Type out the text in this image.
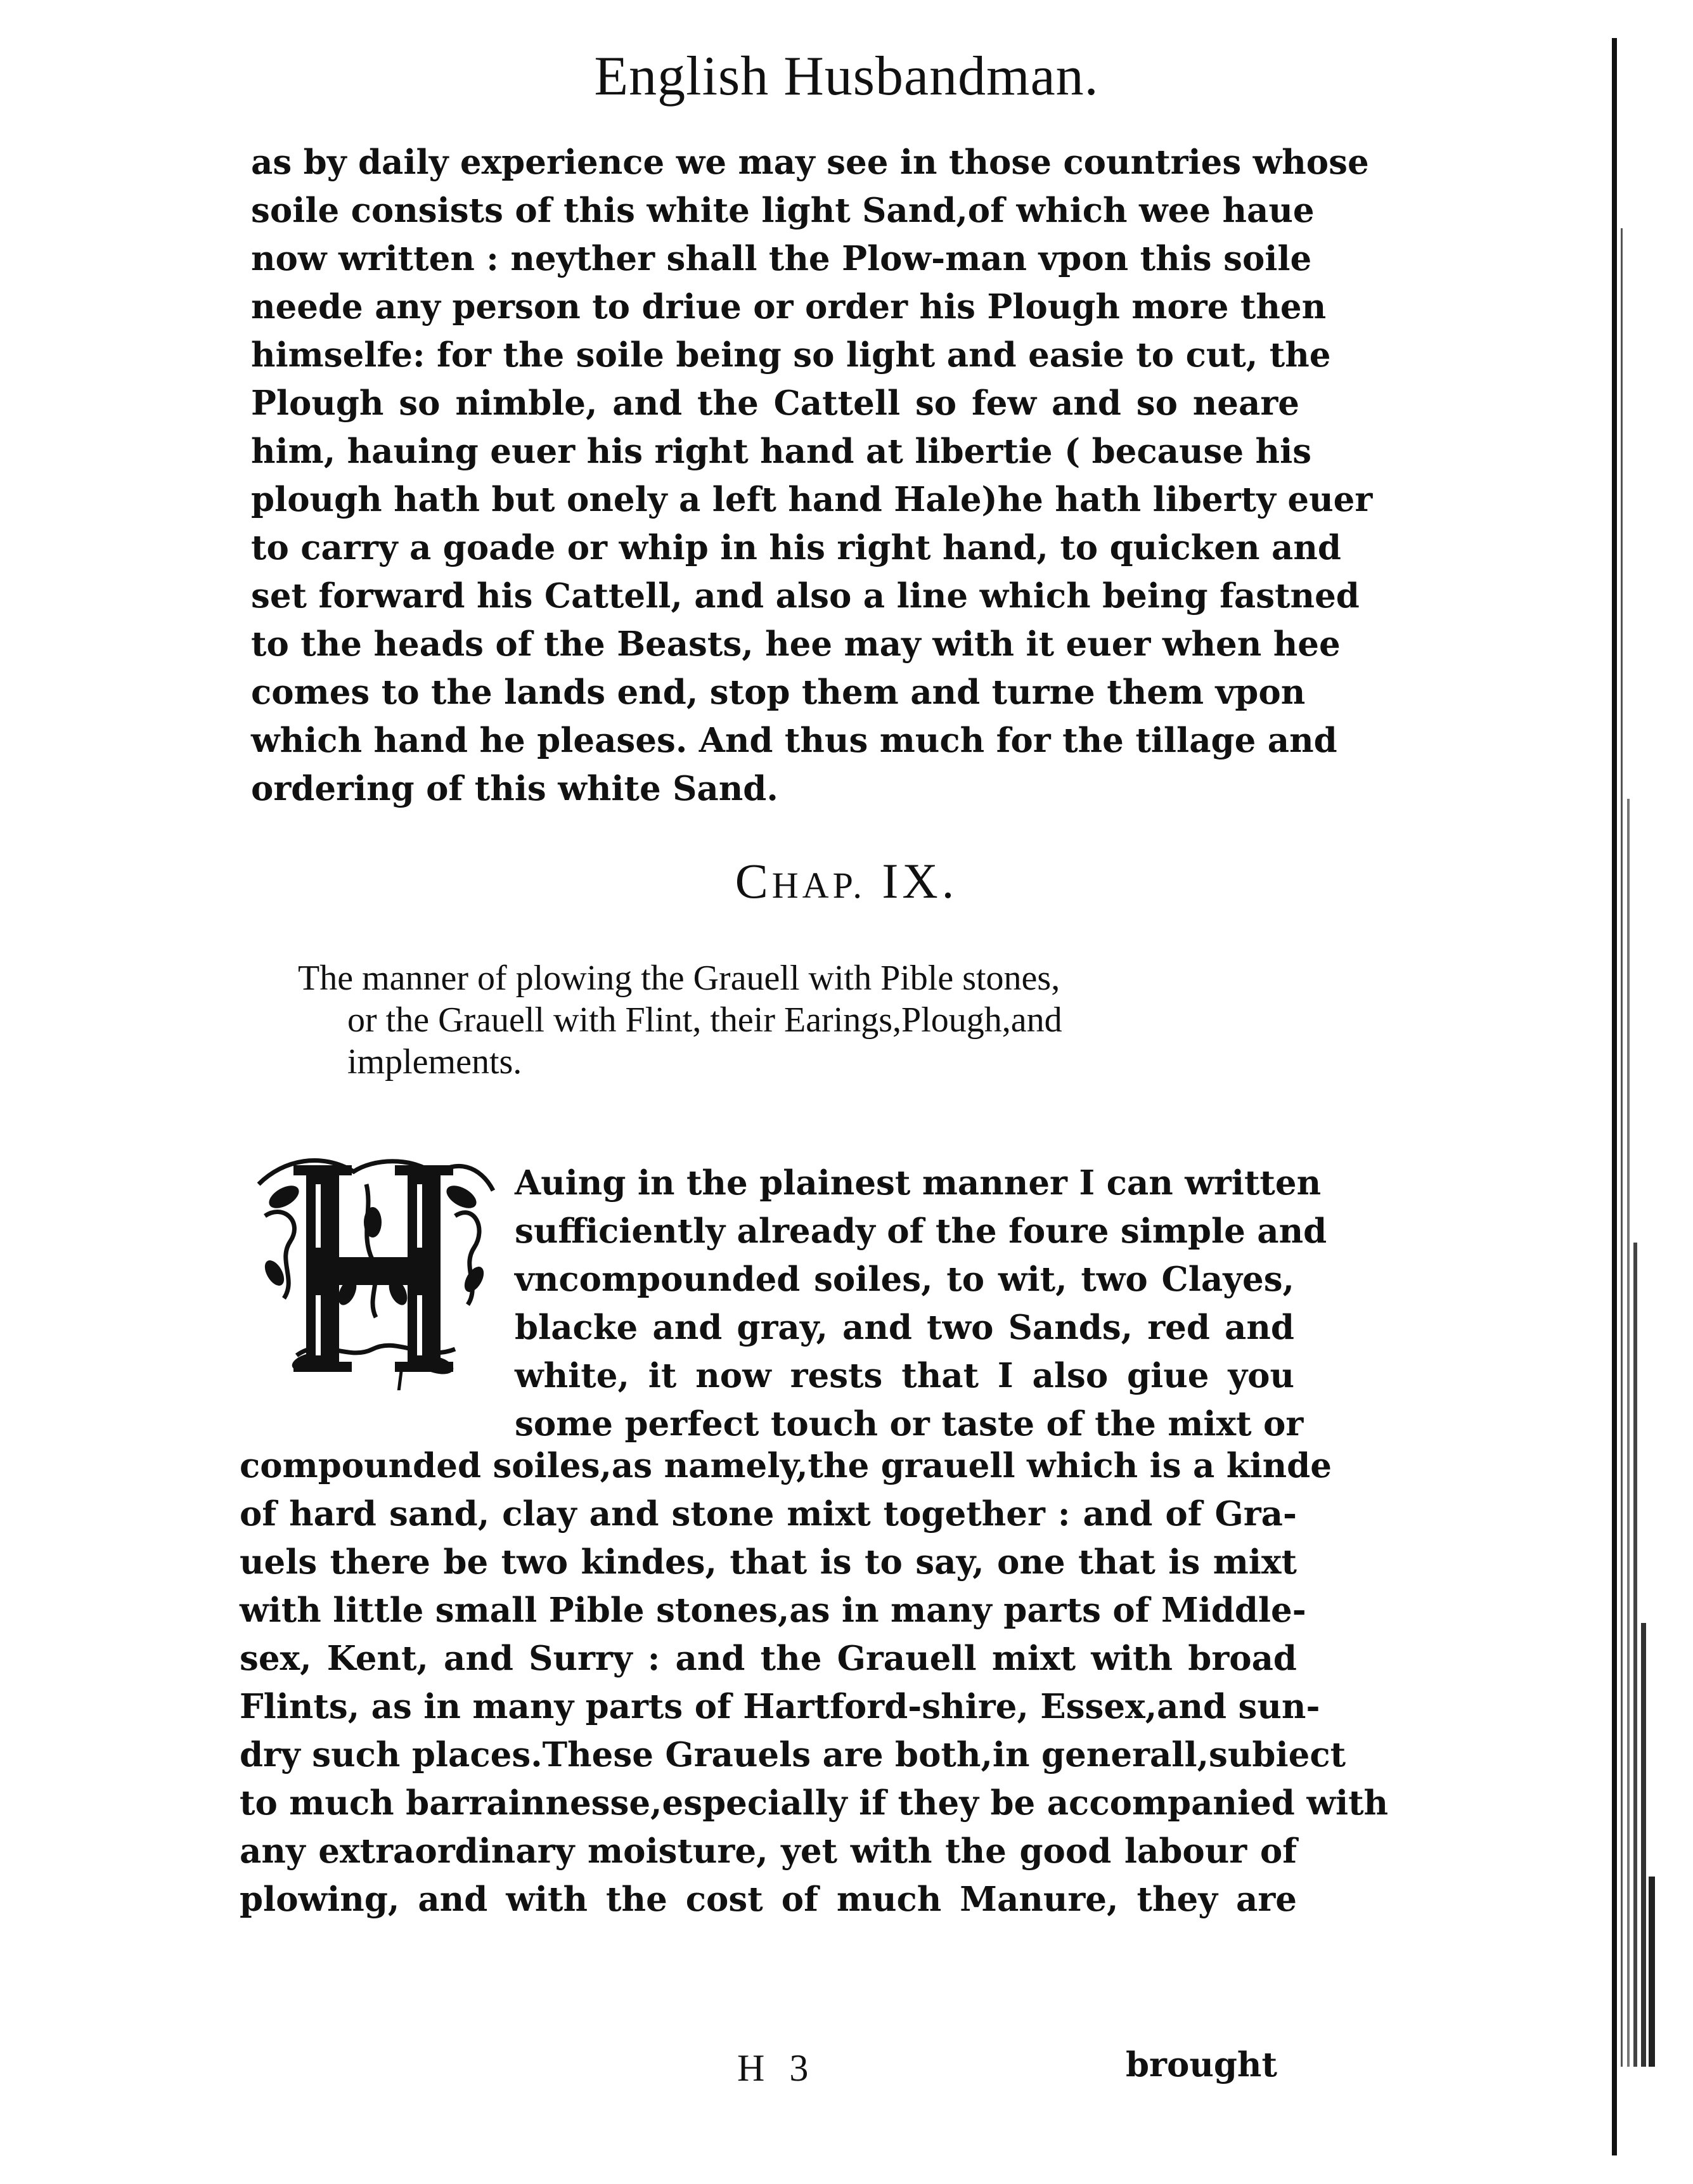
English Husbandman.

as by daily experience we may see in those countries whose

soile consists of this white light Sand,of which wee haue

now written : neyther shall the Plow-man vpon this soile

neede any person to driue or order his Plough more then

himselfe: for the soile being so light and easie to cut, the

Plough so nimble, and the Cattell so few and so neare

him, hauing euer his right hand at libertie ( because his

plough hath but onely a left hand Hale)he hath liberty euer

to carry a goade or whip in his right hand, to quicken and

set forward his Cattell, and also a line which being fastned

to the heads of the Beasts, hee may with it euer when hee

comes to the lands end, stop them and turne them vpon

which hand he pleases. And thus much for the tillage and

ordering of this white Sand.

CHAP. IX.

The manner of plowing the Grauell with Pible stones,

or the Grauell with Flint, their Earings,Plough,and

implements.

Auing in the plainest manner I can written

sufficiently already of the foure simple and

vncompounded soiles, to wit, two Clayes,

blacke and gray, and two Sands, red and

white, it now rests that I also giue you

some perfect touch or taste of the mixt or

compounded soiles,as namely,the grauell which is a kinde

of hard sand, clay and stone mixt together : and of Gra-

uels there be two kindes, that is to say, one that is mixt

with little small Pible stones,as in many parts of Middle-

sex, Kent, and Surry : and the Grauell mixt with broad

Flints, as in many parts of Hartford-shire, Essex,and sun-

dry such places.These Grauels are both,in generall,subiect

to much barrainnesse,especially if they be accompanied with

any extraordinary moisture, yet with the good labour of

plowing, and with the cost of much Manure, they are

H 3	brought
